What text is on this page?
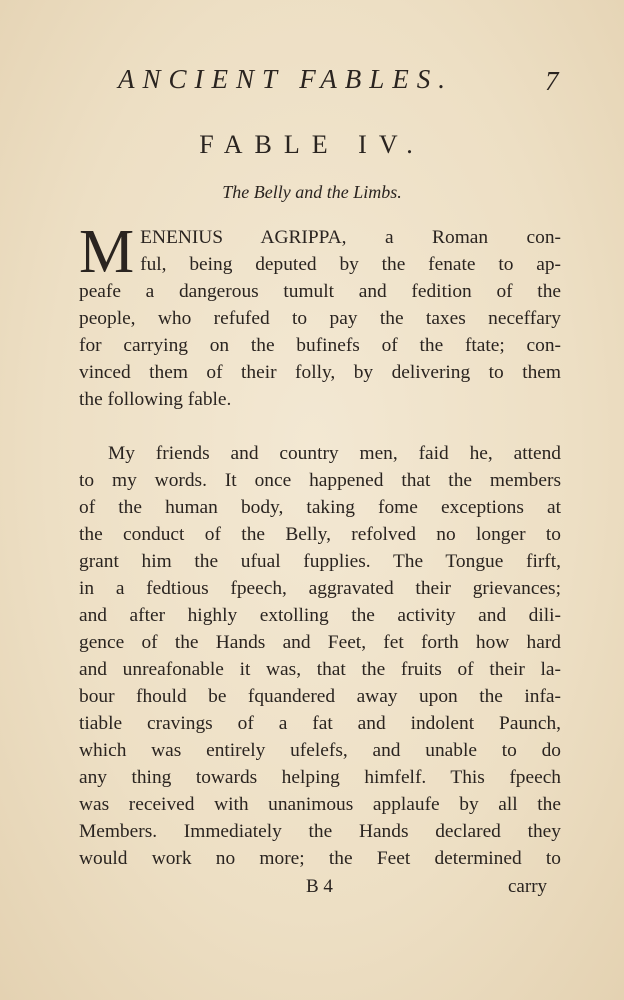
ANCIENT FABLES.	7
FABLE IV.
The Belly and the Limbs.
M ENENIUS AGRIPPA, a Roman con-
ful, being deputed by the fenate to ap-
peafe a dangerous tumult and fedition of the
people, who refufed to pay the taxes neceffary
for carrying on the bufinefs of the ftate; con-
vinced them of their folly, by delivering to them
the following fable.
My friends and country men, faid he, attend
to my words. It once happened that the members
of the human body, taking fome exceptions at
the conduct of the Belly, refolved no longer to
grant him the ufual fupplies. The Tongue firft,
in a fedtious fpeech, aggravated their grievances;
and after highly extolling the activity and dili-
gence of the Hands and Feet, fet forth how hard
and unreafonable it was, that the fruits of their la-
bour fhould be fquandered away upon the infa-
tiable cravings of a fat and indolent Paunch,
which was entirely ufelefs, and unable to do
any thing towards helping himfelf. This fpeech
was received with unanimous applaufe by all the
Members. Immediately the Hands declared they
would work no more; the Feet determined to
B 4	carry
